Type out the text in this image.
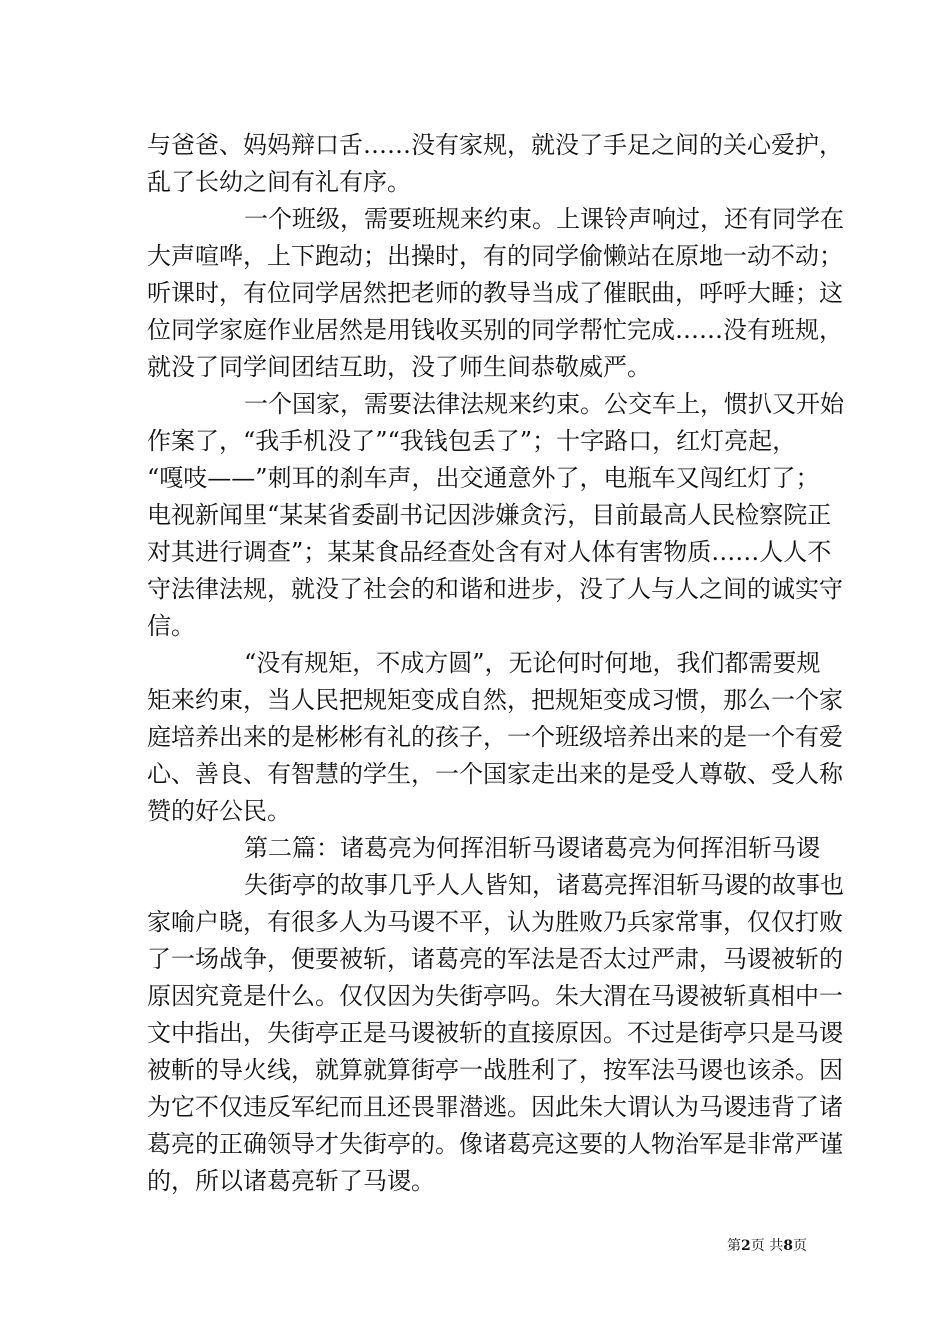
与爸爸、妈妈辩口舌……没有家规，就没了手足之间的关心爱护，
乱了长幼之间有礼有序。
一个班级，需要班规来约束。上课铃声响过，还有同学在
大声喧哗，上下跑动；出操时，有的同学偷懒站在原地一动不动；
听课时，有位同学居然把老师的教导当成了催眠曲，呼呼大睡；这
位同学家庭作业居然是用钱收买别的同学帮忙完成……没有班规，
就没了同学间团结互助，没了师生间恭敬威严。
一个国家，需要法律法规来约束。公交车上，惯扒又开始
作案了，“我手机没了”“我钱包丢了”；十字路口，红灯亮起，
“嘎吱——”刺耳的刹车声，出交通意外了，电瓶车又闯红灯了；
电视新闻里“某某省委副书记因涉嫌贪污，目前最高人民检察院正
对其进行调查”；某某食品经查处含有对人体有害物质……人人不
守法律法规，就没了社会的和谐和进步，没了人与人之间的诚实守
信。
“没有规矩，不成方圆”，无论何时何地，我们都需要规
矩来约束，当人民把规矩变成自然，把规矩变成习惯，那么一个家
庭培养出来的是彬彬有礼的孩子，一个班级培养出来的是一个有爱
心、善良、有智慧的学生，一个国家走出来的是受人尊敬、受人称
赞的好公民。
第二篇：诸葛亮为何挥泪斩马谡诸葛亮为何挥泪斩马谡
失街亭的故事几乎人人皆知，诸葛亮挥泪斩马谡的故事也
家喻户晓，有很多人为马谡不平，认为胜败乃兵家常事，仅仅打败
了一场战争，便要被斩，诸葛亮的军法是否太过严肃，马谡被斩的
原因究竟是什么。仅仅因为失街亭吗。朱大渭在马谡被斩真相中一
文中指出，失街亭正是马谡被斩的直接原因。不过是街亭只是马谡
被斬的导火线，就算就算街亭一战胜利了，按军法马谡也该杀。因
为它不仅违反军纪而且还畏罪潜逃。因此朱大谓认为马谡违背了诸
葛亮的正确领导才失街亭的。像诸葛亮这要的人物治军是非常严谨
的，所以诸葛亮斩了马谡。
第2页 共8页
